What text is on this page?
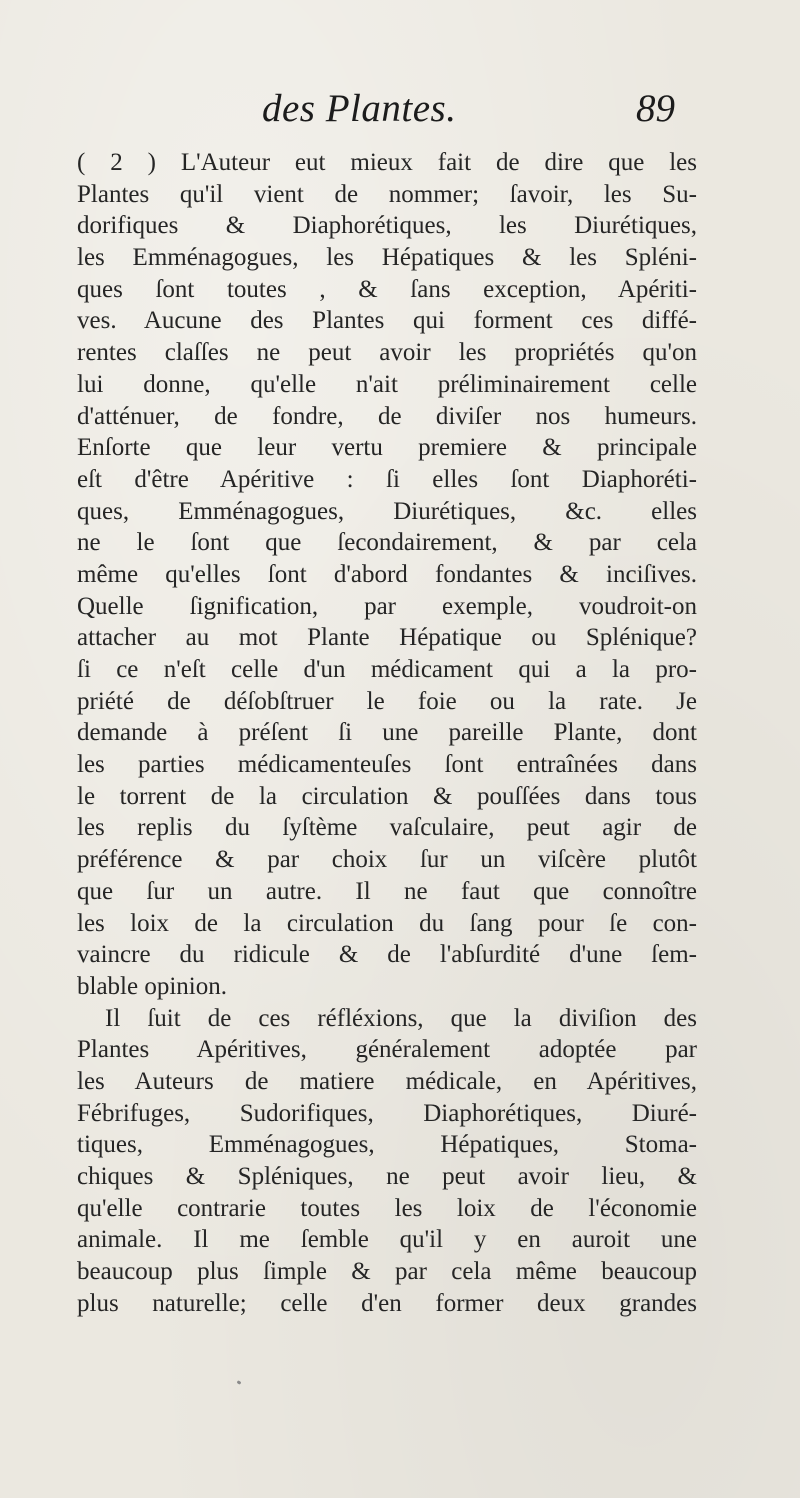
des Plantes.	89
( 2 ) L'Auteur eut mieux fait de dire que les
Plantes qu'il vient de nommer; ſavoir, les Su-
dorifiques & Diaphorétiques, les Diurétiques,
les Emménagogues, les Hépatiques & les Spléni-
ques ſont toutes , & ſans exception, Apériti-
ves. Aucune des Plantes qui forment ces diffé-
rentes claſſes ne peut avoir les propriétés qu'on
lui donne, qu'elle n'ait préliminairement celle
d'atténuer, de fondre, de diviſer nos humeurs.
Enſorte que leur vertu premiere & principale
eſt d'être Apéritive : ſi elles ſont Diaphoréti-
ques, Emménagogues, Diurétiques, &c. elles
ne le ſont que ſecondairement, & par cela
même qu'elles ſont d'abord fondantes & inciſives.
Quelle ſignification, par exemple, voudroit-on
attacher au mot Plante Hépatique ou Splénique?
ſi ce n'eſt celle d'un médicament qui a la pro-
priété de déſobſtruer le foie ou la rate. Je
demande à préſent ſi une pareille Plante, dont
les parties médicamenteuſes ſont entraînées dans
le torrent de la circulation & pouſſées dans tous
les replis du ſyſtème vaſculaire, peut agir de
préférence & par choix ſur un viſcère plutôt
que ſur un autre. Il ne faut que connoître
les loix de la circulation du ſang pour ſe con-
vaincre du ridicule & de l'abſurdité d'une ſem-
blable opinion.
Il ſuit de ces réfléxions, que la diviſion des
Plantes Apéritives, généralement adoptée par
les Auteurs de matiere médicale, en Apéritives,
Fébrifuges, Sudorifiques, Diaphorétiques, Diuré-
tiques, Emménagogues, Hépatiques, Stoma-
chiques & Spléniques, ne peut avoir lieu, &
qu'elle contrarie toutes les loix de l'économie
animale. Il me ſemble qu'il y en auroit une
beaucoup plus ſimple & par cela même beaucoup
plus naturelle; celle d'en former deux grandes
